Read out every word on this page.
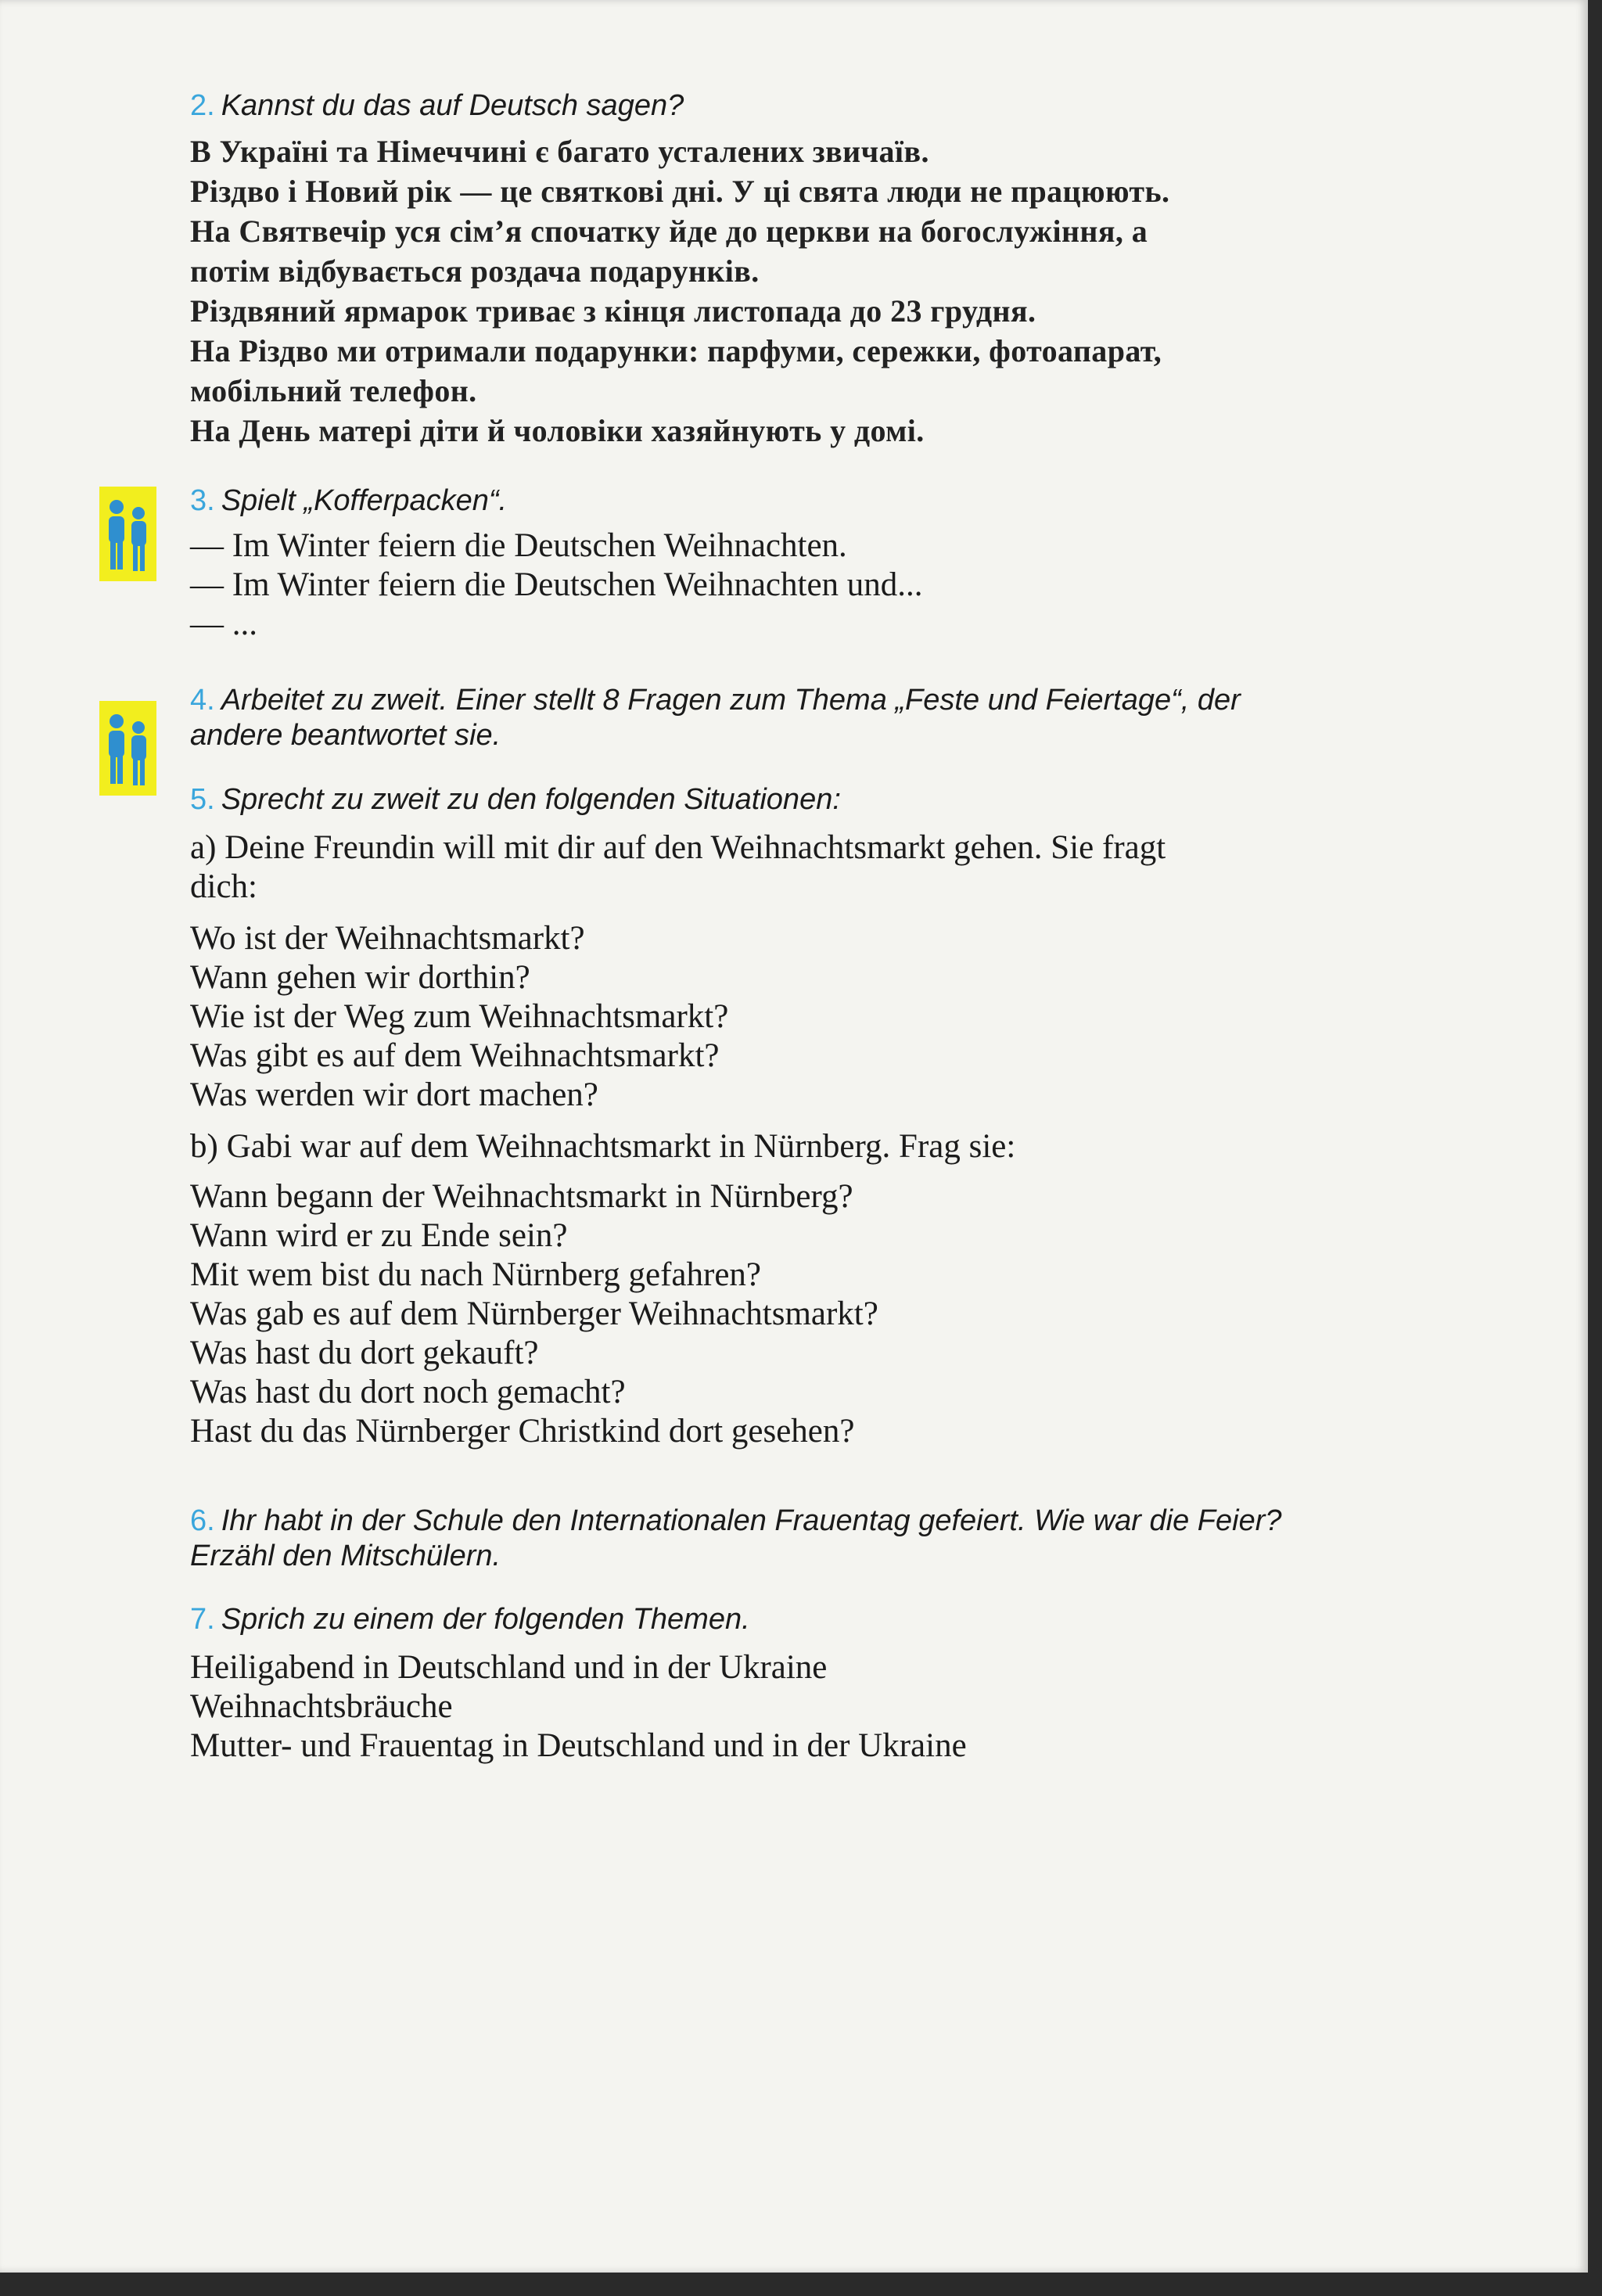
2. Kannst du das auf Deutsch sagen?

В Україні та Німеччині є багато усталених звичаїв.
Різдво і Новий рік — це святкові дні. У ці свята люди не працюють.
На Святвечір уся сім’я спочатку йде до церкви на богослужіння, а
потім відбувається роздача подарунків.
Різдвяний ярмарок триває з кінця листопада до 23 грудня.
На Різдво ми отримали подарунки: парфуми, сережки, фотоапарат,
мобільний телефон.
На День матері діти й чоловіки хазяйнують у домі.

3. Spielt „Kofferpacken“.

— Im Winter feiern die Deutschen Weihnachten.
— Im Winter feiern die Deutschen Weihnachten und...
— ...

4. Arbeitet zu zweit. Einer stellt 8 Fragen zum Thema „Feste und Feiertage“, der
andere beantwortet sie.

5. Sprecht zu zweit zu den folgenden Situationen:

a) Deine Freundin will mit dir auf den Weihnachtsmarkt gehen. Sie fragt
dich:
Wo ist der Weihnachtsmarkt?
Wann gehen wir dorthin?
Wie ist der Weg zum Weihnachtsmarkt?
Was gibt es auf dem Weihnachtsmarkt?
Was werden wir dort machen?
b) Gabi war auf dem Weihnachtsmarkt in Nürnberg. Frag sie:
Wann begann der Weihnachtsmarkt in Nürnberg?
Wann wird er zu Ende sein?
Mit wem bist du nach Nürnberg gefahren?
Was gab es auf dem Nürnberger Weihnachtsmarkt?
Was hast du dort gekauft?
Was hast du dort noch gemacht?
Hast du das Nürnberger Christkind dort gesehen?

6. Ihr habt in der Schule den Internationalen Frauentag gefeiert. Wie war die Feier?
Erzähl den Mitschülern.

7. Sprich zu einem der folgenden Themen.

Heiligabend in Deutschland und in der Ukraine
Weihnachtsbräuche
Mutter- und Frauentag in Deutschland und in der Ukraine
